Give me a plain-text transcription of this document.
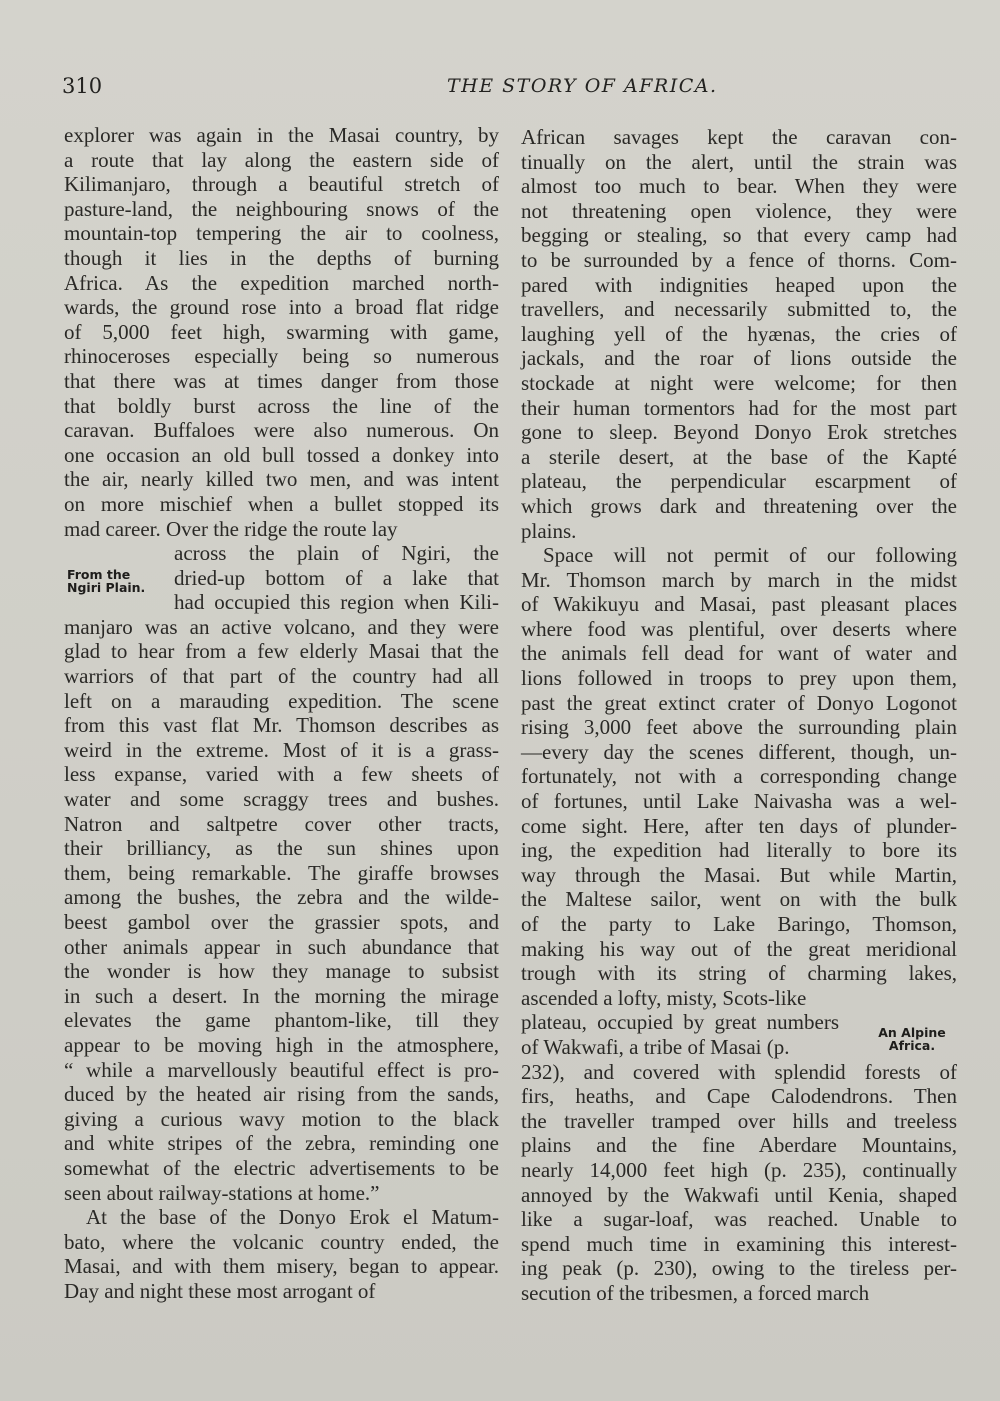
310	THE STORY OF AFRICA.
explorer was again in the Masai country, by
a route that lay along the eastern side of
Kilimanjaro, through a beautiful stretch of
pasture-land, the neighbouring snows of the
mountain-top tempering the air to coolness,
though it lies in the depths of burning
Africa. As the expedition marched north-
wards, the ground rose into a broad flat ridge
of 5,000 feet high, swarming with game,
rhinoceroses especially being so numerous
that there was at times danger from those
that boldly burst across the line of the
caravan. Buffaloes were also numerous. On
one occasion an old bull tossed a donkey into
the air, nearly killed two men, and was intent
on more mischief when a bullet stopped its
mad career. Over the ridge the route lay
across the plain of Ngiri, the
dried-up bottom of a lake that
had occupied this region when Kili-
manjaro was an active volcano, and they were
glad to hear from a few elderly Masai that the
warriors of that part of the country had all
left on a marauding expedition. The scene
from this vast flat Mr. Thomson describes as
weird in the extreme. Most of it is a grass-
less expanse, varied with a few sheets of
water and some scraggy trees and bushes.
Natron and saltpetre cover other tracts,
their brilliancy, as the sun shines upon
them, being remarkable. The giraffe browses
among the bushes, the zebra and the wilde-
beest gambol over the grassier spots, and
other animals appear in such abundance that
the wonder is how they manage to subsist
in such a desert. In the morning the mirage
elevates the game phantom-like, till they
appear to be moving high in the atmosphere,
“ while a marvellously beautiful effect is pro-
duced by the heated air rising from the sands,
giving a curious wavy motion to the black
and white stripes of the zebra, reminding one
somewhat of the electric advertisements to be
seen about railway-stations at home.”
At the base of the Donyo Erok el Matum-
bato, where the volcanic country ended, the
Masai, and with them misery, began to appear.
Day and night these most arrogant of
African savages kept the caravan con-
tinually on the alert, until the strain was
almost too much to bear. When they were
not threatening open violence, they were
begging or stealing, so that every camp had
to be surrounded by a fence of thorns. Com-
pared with indignities heaped upon the
travellers, and necessarily submitted to, the
laughing yell of the hyænas, the cries of
jackals, and the roar of lions outside the
stockade at night were welcome; for then
their human tormentors had for the most part
gone to sleep. Beyond Donyo Erok stretches
a sterile desert, at the base of the Kapté
plateau, the perpendicular escarpment of
which grows dark and threatening over the
plains.
Space will not permit of our following
Mr. Thomson march by march in the midst
of Wakikuyu and Masai, past pleasant places
where food was plentiful, over deserts where
the animals fell dead for want of water and
lions followed in troops to prey upon them,
past the great extinct crater of Donyo Logonot
rising 3,000 feet above the surrounding plain
—every day the scenes different, though, un-
fortunately, not with a corresponding change
of fortunes, until Lake Naivasha was a wel-
come sight. Here, after ten days of plunder-
ing, the expedition had literally to bore its
way through the Masai. But while Martin,
the Maltese sailor, went on with the bulk
of the party to Lake Baringo, Thomson,
making his way out of the great meridional
trough with its string of charming lakes,
ascended a lofty, misty, Scots-like
plateau, occupied by great numbers
of Wakwafi, a tribe of Masai (p.
232), and covered with splendid forests of
firs, heaths, and Cape Calodendrons. Then
the traveller tramped over hills and treeless
plains and the fine Aberdare Mountains,
nearly 14,000 feet high (p. 235), continually
annoyed by the Wakwafi until Kenia, shaped
like a sugar-loaf, was reached. Unable to
spend much time in examining this interest-
ing peak (p. 230), owing to the tireless per-
secution of the tribesmen, a forced march
From the
Ngiri Plain.
An Alpine
Africa.
